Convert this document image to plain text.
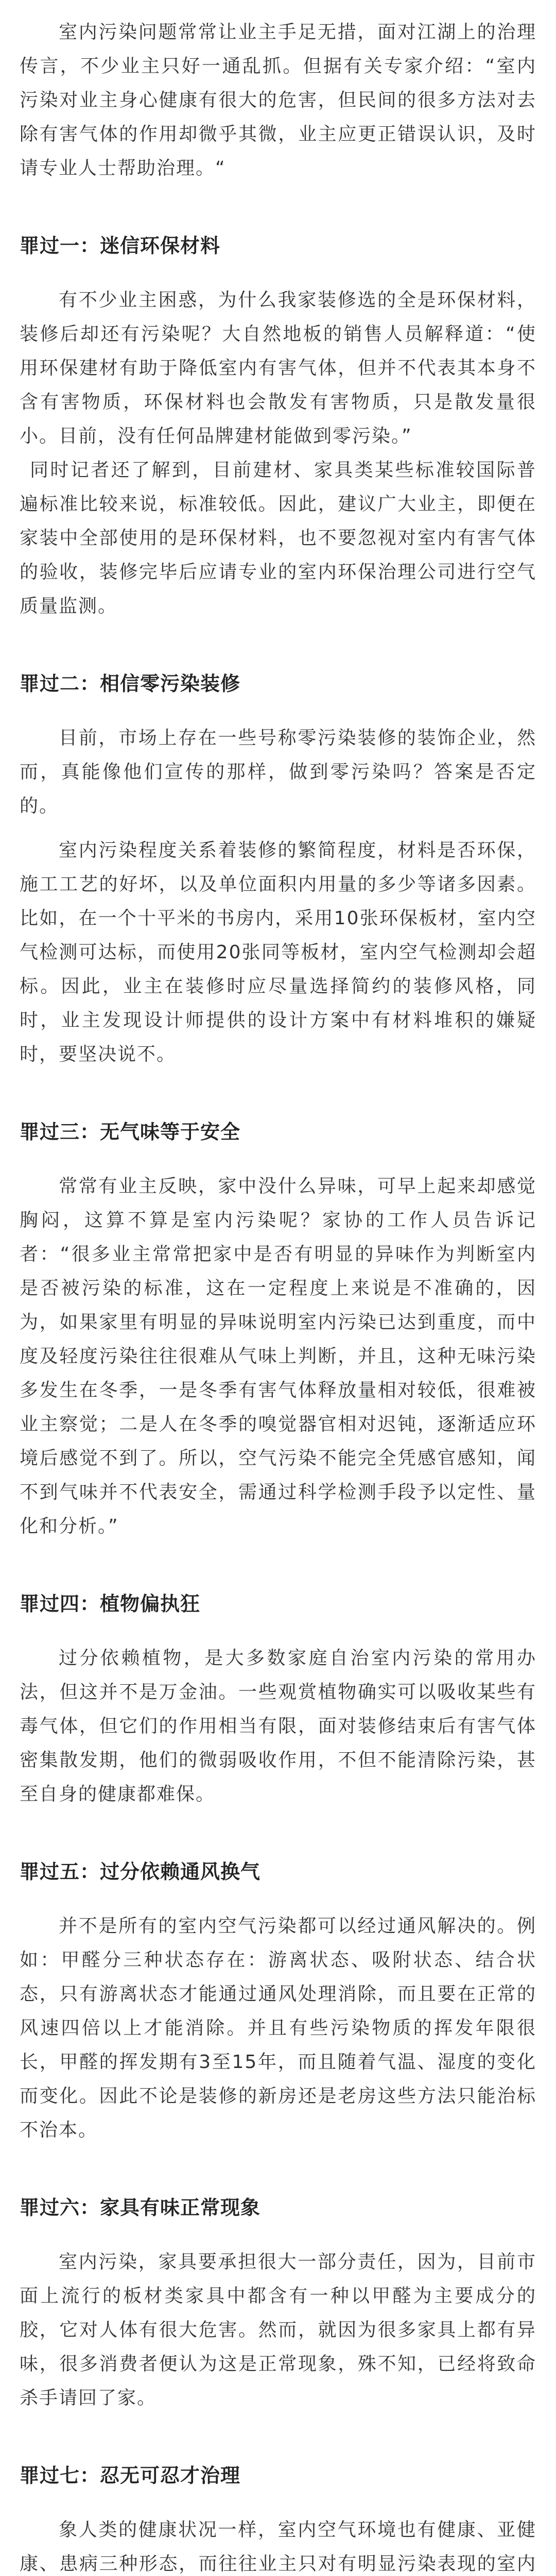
室内污染问题常常让业主手足无措，面对江湖上的治理传言，不少业主只好一通乱抓。但据有关专家介绍：“室内污染对业主身心健康有很大的危害，但民间的很多方法对去除有害气体的作用却微乎其微，业主应更正错误认识，及时请专业人士帮助治理。“

罪过一：迷信环保材料

有不少业主困惑，为什么我家装修选的全是环保材料，装修后却还有污染呢？大自然地板的销售人员解释道：“使用环保建材有助于降低室内有害气体，但并不代表其本身不含有害物质，环保材料也会散发有害物质，只是散发量很小。目前，没有任何品牌建材能做到零污染。”

同时记者还了解到，目前建材、家具类某些标准较国际普遍标准比较来说，标准较低。因此，建议广大业主，即便在家装中全部使用的是环保材料，也不要忽视对室内有害气体的验收，装修完毕后应请专业的室内环保治理公司进行空气质量监测。

罪过二：相信零污染装修

目前，市场上存在一些号称零污染装修的装饰企业，然而，真能像他们宣传的那样，做到零污染吗？答案是否定的。

室内污染程度关系着装修的繁简程度，材料是否环保，施工工艺的好坏，以及单位面积内用量的多少等诸多因素。比如，在一个十平米的书房内，采用10张环保板材，室内空气检测可达标，而使用20张同等板材，室内空气检测却会超标。因此，业主在装修时应尽量选择简约的装修风格，同时，业主发现设计师提供的设计方案中有材料堆积的嫌疑时，要坚决说不。

罪过三：无气味等于安全

常常有业主反映，家中没什么异味，可早上起来却感觉胸闷，这算不算是室内污染呢？家协的工作人员告诉记者：“很多业主常常把家中是否有明显的异味作为判断室内是否被污染的标准，这在一定程度上来说是不准确的，因为，如果家里有明显的异味说明室内污染已达到重度，而中度及轻度污染往往很难从气味上判断，并且，这种无味污染多发生在冬季，一是冬季有害气体释放量相对较低，很难被业主察觉；二是人在冬季的嗅觉器官相对迟钝，逐渐适应环境后感觉不到了。所以，空气污染不能完全凭感官感知，闻不到气味并不代表安全，需通过科学检测手段予以定性、量化和分析。”

罪过四：植物偏执狂

过分依赖植物，是大多数家庭自治室内污染的常用办法，但这并不是万金油。一些观赏植物确实可以吸收某些有毒气体，但它们的作用相当有限，面对装修结束后有害气体密集散发期，他们的微弱吸收作用，不但不能清除污染，甚至自身的健康都难保。

罪过五：过分依赖通风换气

并不是所有的室内空气污染都可以经过通风解决的。例如：甲醛分三种状态存在：游离状态、吸附状态、结合状态，只有游离状态才能通过通风处理消除，而且要在正常的风速四倍以上才能消除。并且有些污染物质的挥发年限很长，甲醛的挥发期有3至15年，而且随着气温、湿度的变化而变化。因此不论是装修的新房还是老房这些方法只能治标不治本。

罪过六：家具有味正常现象

室内污染，家具要承担很大一部分责任，因为，目前市面上流行的板材类家具中都含有一种以甲醛为主要成分的胶，它对人体有很大危害。然而，就因为很多家具上都有异味，很多消费者便认为这是正常现象，殊不知，已经将致命杀手请回了家。

罪过七：忍无可忍才治理

象人类的健康状况一样，室内空气环境也有健康、亚健康、患病三种形态，而往往业主只对有明显污染表现的室内
